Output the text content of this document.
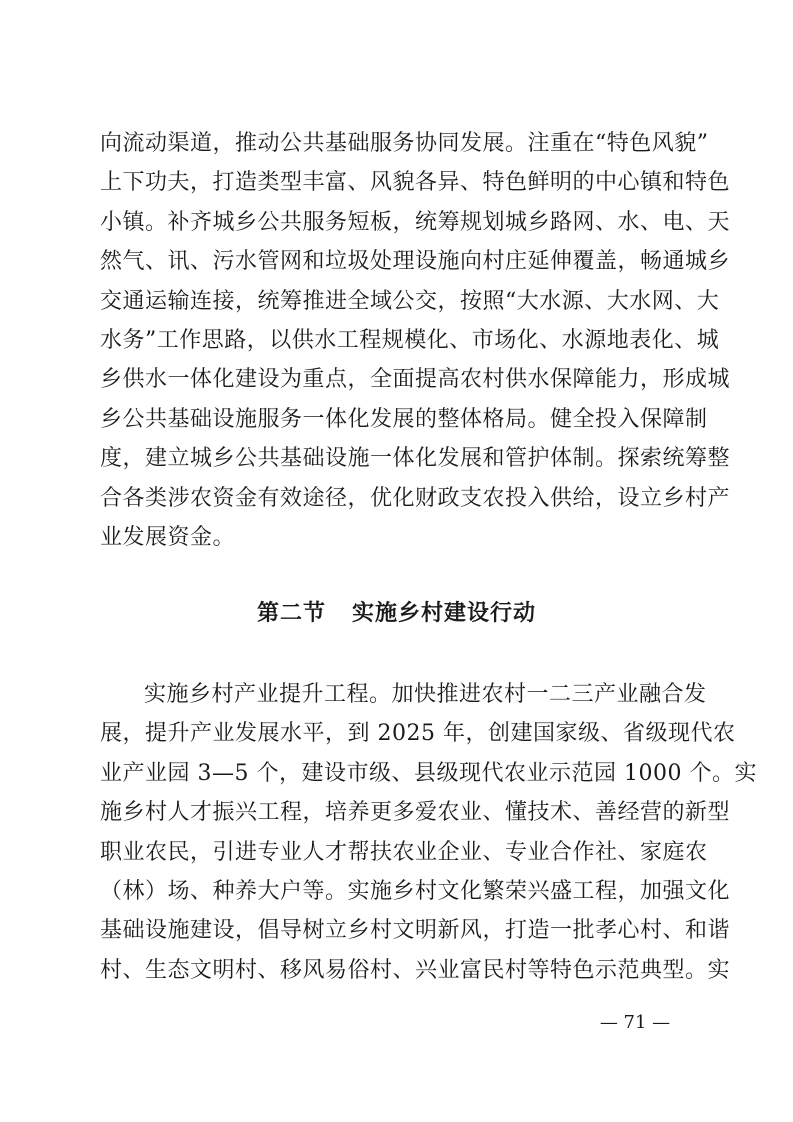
向流动渠道，推动公共基础服务协同发展。注重在“特色风貌”
上下功夫，打造类型丰富、风貌各异、特色鲜明的中心镇和特色
小镇。补齐城乡公共服务短板，统筹规划城乡路网、水、电、天
然气、讯、污水管网和垃圾处理设施向村庄延伸覆盖，畅通城乡
交通运输连接，统筹推进全域公交，按照“大水源、大水网、大
水务”工作思路，以供水工程规模化、市场化、水源地表化、城
乡供水一体化建设为重点，全面提高农村供水保障能力，形成城
乡公共基础设施服务一体化发展的整体格局。健全投入保障制
度，建立城乡公共基础设施一体化发展和管护体制。探索统筹整
合各类涉农资金有效途径，优化财政支农投入供给，设立乡村产
业发展资金。
第二节 实施乡村建设行动
实施乡村产业提升工程。加快推进农村一二三产业融合发
展，提升产业发展水平，到 2025 年，创建国家级、省级现代农
业产业园 3—5 个，建设市级、县级现代农业示范园 1000 个。实
施乡村人才振兴工程，培养更多爱农业、懂技术、善经营的新型
职业农民，引进专业人才帮扶农业企业、专业合作社、家庭农
（林）场、种养大户等。实施乡村文化繁荣兴盛工程，加强文化
基础设施建设，倡导树立乡村文明新风，打造一批孝心村、和谐
村、生态文明村、移风易俗村、兴业富民村等特色示范典型。实
— 71 —
